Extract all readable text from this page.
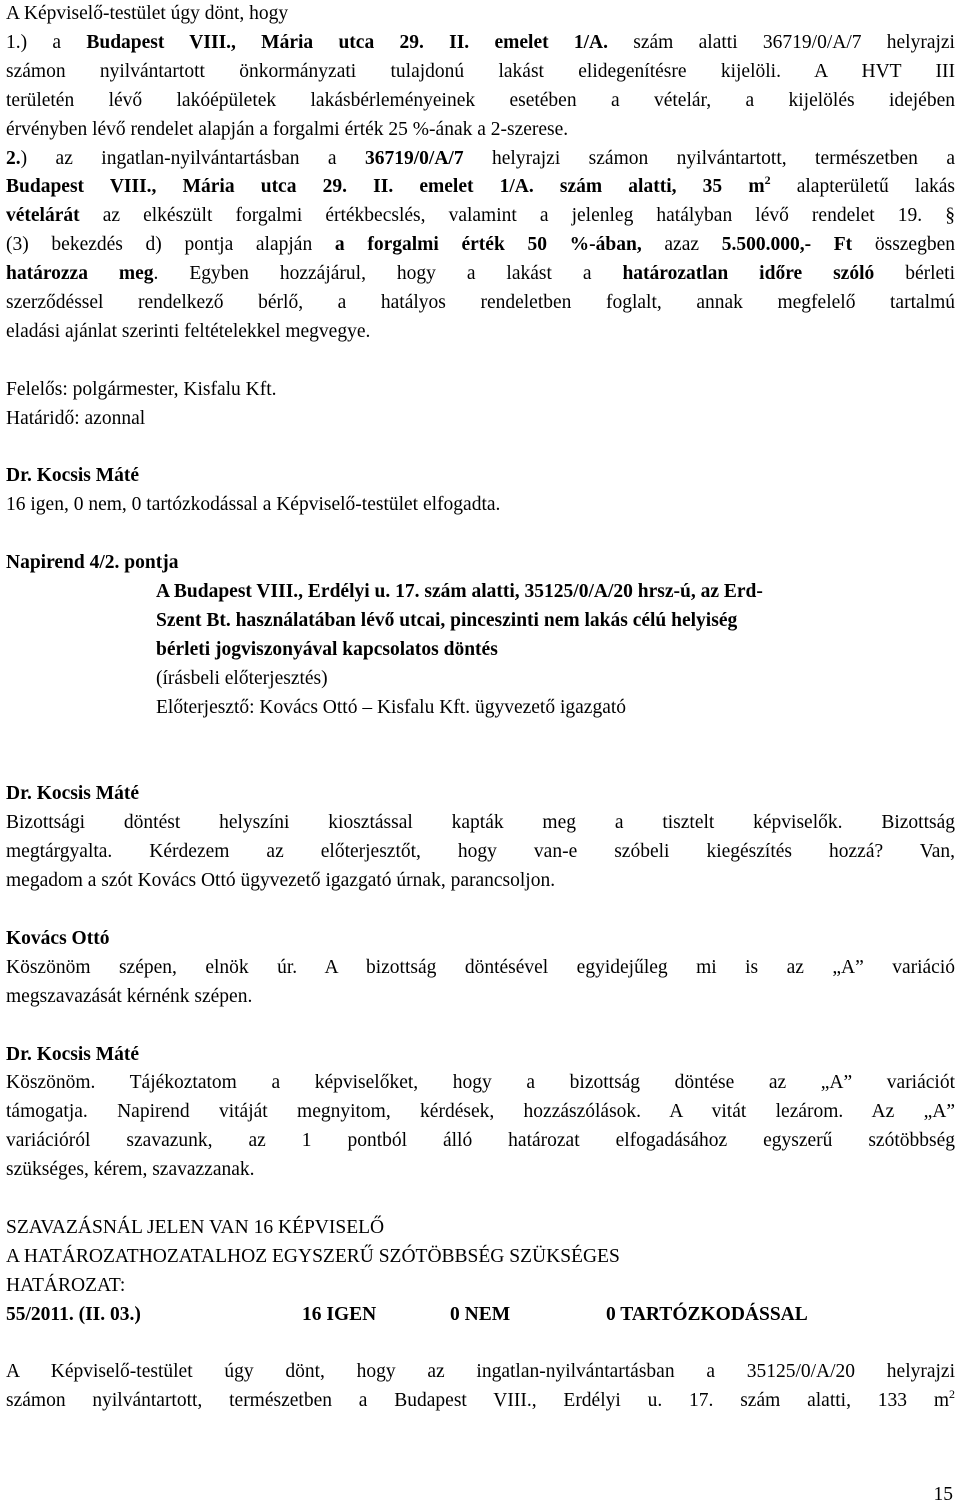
A Képviselő-testület úgy dönt, hogy

1.) a Budapest VIII., Mária utca 29. II. emelet 1/A. szám alatti 36719/0/A/7 helyrajzi

számon nyilvántartott önkormányzati tulajdonú lakást elidegenítésre kijelöli. A HVT III

területén lévő lakóépületek lakásbérleményeinek esetében a vételár, a kijelölés idejében

érvényben lévő rendelet alapján a forgalmi érték 25 %-ának a 2-szerese.

2.) az ingatlan-nyilvántartásban a 36719/0/A/7 helyrajzi számon nyilvántartott, természetben a

Budapest VIII., Mária utca 29. II. emelet 1/A. szám alatti, 35 $m^2$ alapterületű lakás

vételárát az elkészült forgalmi értékbecslés, valamint a jelenleg hatályban lévő rendelet 19. §

(3) bekezdés d) pontja alapján a forgalmi érték 50 %-ában, azaz 5.500.000,- Ft összegben

határozza meg. Egyben hozzájárul, hogy a lakást a határozatlan időre szóló bérleti

szerződéssel rendelkező bérlő, a hatályos rendeletben foglalt, annak megfelelő tartalmú

eladási ajánlat szerinti feltételekkel megvegye.

Felelős: polgármester, Kisfalu Kft.

Határidő: azonnal

Dr. Kocsis Máté

16 igen, 0 nem, 0 tartózkodással a Képviselő-testület elfogadta.

Napirend 4/2. pontja

A Budapest VIII., Erdélyi u. 17. szám alatti, 35125/0/A/20 hrsz-ú, az Erd-

Szent Bt. használatában lévő utcai, pinceszinti nem lakás célú helyiség

bérleti jogviszonyával kapcsolatos döntés

(írásbeli előterjesztés)

Előterjesztő: Kovács Ottó – Kisfalu Kft. ügyvezető igazgató

Dr. Kocsis Máté

Bizottsági döntést helyszíni kiosztással kapták meg a tisztelt képviselők. Bizottság

megtárgyalta. Kérdezem az előterjesztőt, hogy van-e szóbeli kiegészítés hozzá? Van,

megadom a szót Kovács Ottó ügyvezető igazgató úrnak, parancsoljon.

Kovács Ottó

Köszönöm szépen, elnök úr. A bizottság döntésével egyidejűleg mi is az „A” variáció

megszavazását kérnénk szépen.

Dr. Kocsis Máté

Köszönöm. Tájékoztatom a képviselőket, hogy a bizottság döntése az „A” variációt

támogatja. Napirend vitáját megnyitom, kérdések, hozzászólások. A vitát lezárom. Az „A”

variációról szavazunk, az 1 pontból álló határozat elfogadásához egyszerű szótöbbség

szükséges, kérem, szavazzanak.

SZAVAZÁSNÁL JELEN VAN 16 KÉPVISELŐ

A HATÁROZATHOZATALHOZ EGYSZERŰ SZÓTÖBBSÉG SZÜKSÉGES

HATÁROZAT:

55/2011. (II. 03.)	16 IGEN	0 NEM	0 TARTÓZKODÁSSAL

A Képviselő-testület úgy dönt, hogy az ingatlan-nyilvántartásban a 35125/0/A/20 helyrajzi

számon nyilvántartott, természetben a Budapest VIII., Erdélyi u. 17. szám alatti, 133 $m^2$

15
